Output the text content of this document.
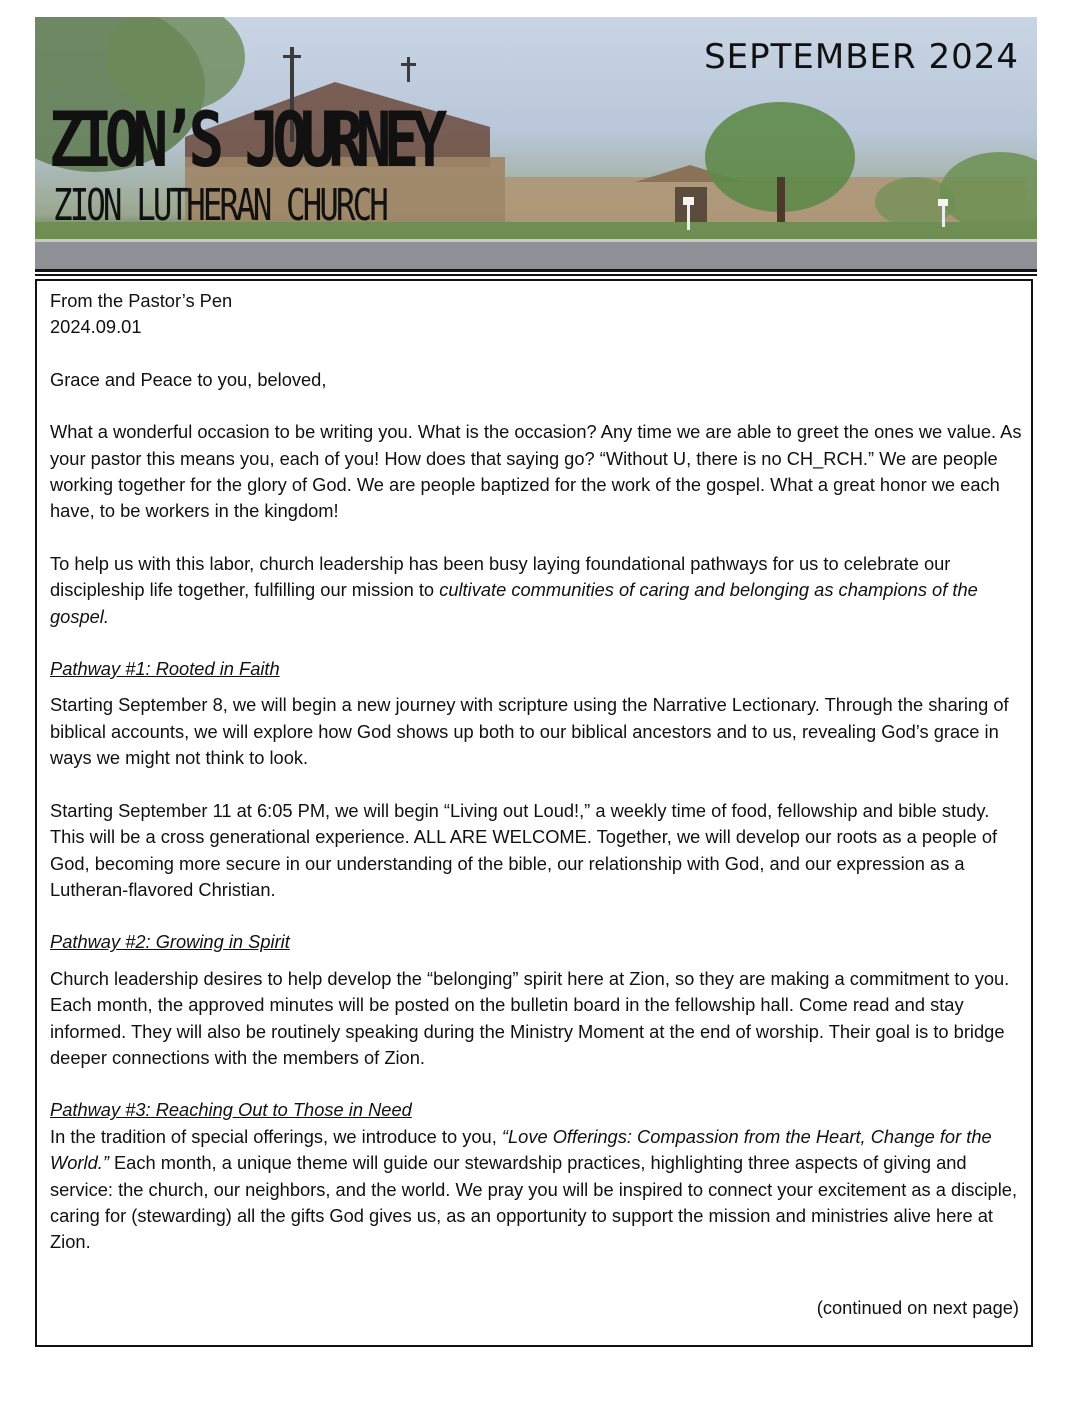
SEPTEMBER 2024
ZION’S JOURNEY
ZION LUTHERAN CHURCH

From the Pastor’s Pen

2024.09.01

Grace and Peace to you, beloved,

What a wonderful occasion to be writing you. What is the occasion? Any time we are able to greet the ones we value. As your pastor this means you, each of you! How does that saying go? “Without U, there is no CH_RCH.” We are people working together for the glory of God. We are people baptized for the work of the gospel. What a great honor we each have, to be workers in the kingdom!

To help us with this labor, church leadership has been busy laying foundational pathways for us to celebrate our discipleship life together, fulfilling our mission to cultivate communities of caring and belonging as champions of the gospel.

Pathway #1: Rooted in Faith

Starting September 8, we will begin a new journey with scripture using the Narrative Lectionary. Through the sharing of biblical accounts, we will explore how God shows up both to our biblical ancestors and to us, revealing God’s grace in ways we might not think to look.

Starting September 11 at 6:05 PM, we will begin “Living out Loud!,” a weekly time of food, fellowship and bible study. This will be a cross generational experience. ALL ARE WELCOME. Together, we will develop our roots as a people of God, becoming more secure in our understanding of the bible, our relationship with God, and our expression as a Lutheran-flavored Christian.

Pathway #2: Growing in Spirit

Church leadership desires to help develop the “belonging” spirit here at Zion, so they are making a commitment to you. Each month, the approved minutes will be posted on the bulletin board in the fellowship hall. Come read and stay informed. They will also be routinely speaking during the Ministry Moment at the end of worship. Their goal is to bridge deeper connections with the members of Zion.

Pathway #3: Reaching Out to Those in Need

In the tradition of special offerings, we introduce to you, “Love Offerings: Compassion from the Heart, Change for the World.” Each month, a unique theme will guide our stewardship practices, highlighting three aspects of giving and service: the church, our neighbors, and the world. We pray you will be inspired to connect your excitement as a disciple, caring for (stewarding) all the gifts God gives us, as an opportunity to support the mission and ministries alive here at Zion.

(continued on next page)
